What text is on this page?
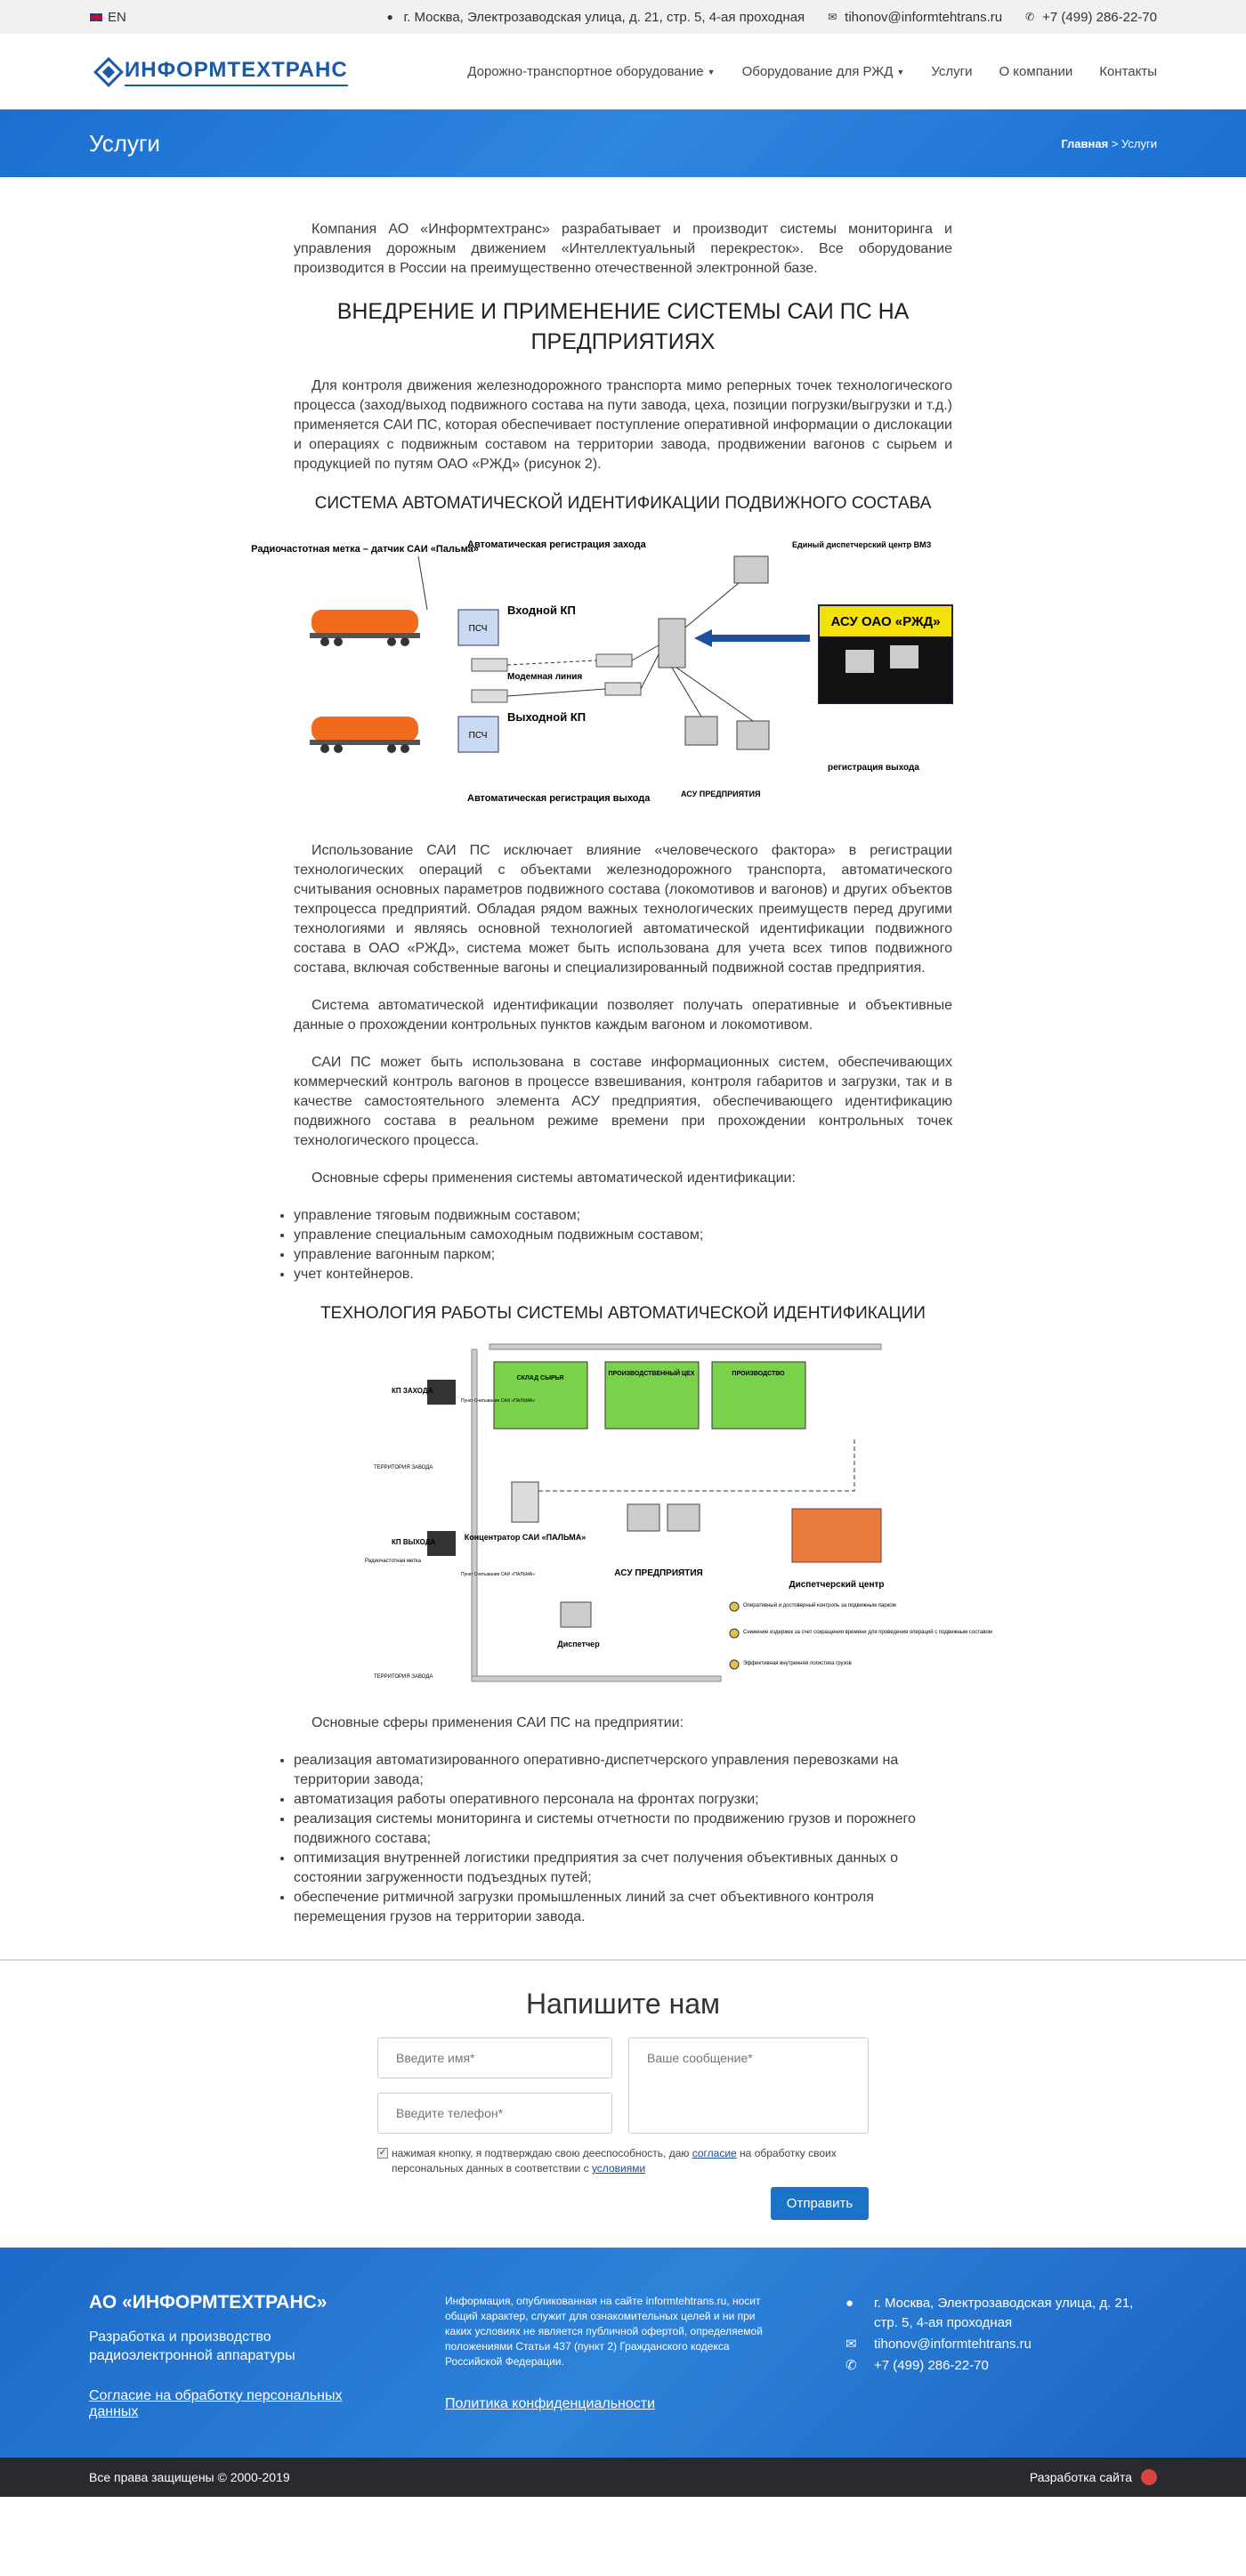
EN	● г. Москва, Электрозаводская улица, д. 21, стр. 5, 4-ая проходная ✉ tihonov@informtehtrans.ru ✆ +7 (499) 286-22-70
ИНФОРМТЕХТРАНС	Дорожно-транспортное оборудование ▼ Оборудование для РЖД ▼ Услуги О компании Контакты
Услуги	Главная > Услуги

Компания АО «Информтехтранс» разрабатывает и производит системы мониторинга и управления дорожным движением «Интеллектуальный перекресток». Все оборудование производится в России на преимущественно отечественной электронной базе.

ВНЕДРЕНИЕ И ПРИМЕНЕНИЕ СИСТЕМЫ САИ ПС НА ПРЕДПРИЯТИЯХ

Для контроля движения железнодорожного транспорта мимо реперных точек технологического процесса (заход/выход подвижного состава на пути завода, цеха, позиции погрузки/выгрузки и т.д.) применяется САИ ПС, которая обеспечивает поступление оперативной информации о дислокации и операциях с подвижным составом на территории завода, продвижении вагонов с сырьем и продукцией по путям ОАО «РЖД» (рисунок 2).

СИСТЕМА АВТОМАТИЧЕСКОЙ ИДЕНТИФИКАЦИИ ПОДВИЖНОГО СОСТАВА
Радиочастотная метка – датчик САИ «Пальма»
ПСЧ
ПСЧ
Автоматическая регистрация захода
Входной КП
Выходной КП
Модемная линия
Автоматическая регистрация выхода
Единый диспетчерский центр ВМЗ
АСУ ОАО «РЖД»
АСУ ПРЕДПРИЯТИЯ
регистрация выхода

Использование САИ ПС исключает влияние «человеческого фактора» в регистрации технологических операций с объектами железнодорожного транспорта, автоматического считывания основных параметров подвижного состава (локомотивов и вагонов) и других объектов техпроцесса предприятий. Обладая рядом важных технологических преимуществ перед другими технологиями и являясь основной технологией автоматической идентификации подвижного состава в ОАО «РЖД», система может быть использована для учета всех типов подвижного состава, включая собственные вагоны и специализированный подвижной состав предприятия.

Система автоматической идентификации позволяет получать оперативные и объективные данные о прохождении контрольных пунктов каждым вагоном и локомотивом.

САИ ПС может быть использована в составе информационных систем, обеспечивающих коммерческий контроль вагонов в процессе взвешивания, контроля габаритов и загрузки, так и в качестве самостоятельного элемента АСУ предприятия, обеспечивающего идентификацию подвижного состава в реальном режиме времени при прохождении контрольных точек технологического процесса.

Основные сферы применения системы автоматической идентификации:

• управление тяговым подвижным составом;
• управление специальным самоходным подвижным составом;
• управление вагонным парком;
• учет контейнеров.
ТЕХНОЛОГИЯ РАБОТЫ СИСТЕМЫ АВТОМАТИЧЕСКОЙ ИДЕНТИФИКАЦИИ
СКЛАД СЫРЬЯ
ПРОИЗВОДСТВЕННЫЙ ЦЕХ	ПРОИЗВОДСТВО
КП ЗАХОДА
КП ВЫХОДА
Пункт Считывания САИ «ПАЛЬМА»
Пункт Считывания САИ «ПАЛЬМА»
ТЕРРИТОРИЯ ЗАВОДА
ТЕРРИТОРИЯ ЗАВОДА
Радиочастотная метка
Концентратор САИ «ПАЛЬМА»
АСУ ПРЕДПРИЯТИЯ
Диспетчер
Диспетчерский центр
Оперативный и достоверный контроль за подвижным парком
Снижение издержек за счет сокращения времени для проведения операций с подвижным составом
Эффективная внутренняя логистика грузов

Основные сферы применения САИ ПС на предприятии:

• реализация автоматизированного оперативно-диспетчерского управления перевозками на территории завода;
• автоматизация работы оперативного персонала на фронтах погрузки;
• реализация системы мониторинга и системы отчетности по продвижению грузов и порожнего подвижного состава;
• оптимизация внутренней логистики предприятия за счет получения объективных данных о состоянии загруженности подъездных путей;
• обеспечение ритмичной загрузки промышленных линий за счет объективного контроля перемещения грузов на территории завода.
Напишите нам
Введите имя*
Введите телефон*
Ваше сообщение*
✓ нажимая кнопку, я подтверждаю свою дееспособность, даю согласие на обработку своих персональных данных в соответствии с условиями
Отправить
АО «ИНФОРМТЕХТРАНС»
Разработка и производство радиоэлектронной аппаратуры
Согласие на обработку персональных данных
Информация, опубликованная на сайте informtehtrans.ru, носит общий характер, служит для ознакомительных целей и ни при каких условиях не является публичной офертой, определяемой положениями Статьи 437 (пункт 2) Гражданского кодекса Российской Федерации.
Политика конфиденциальности
● г. Москва, Электрозаводская улица, д. 21, стр. 5, 4-ая проходная
✉ tihonov@informtehtrans.ru
✆ +7 (499) 286-22-70
Все права защищены © 2000-2019	Разработка сайта
